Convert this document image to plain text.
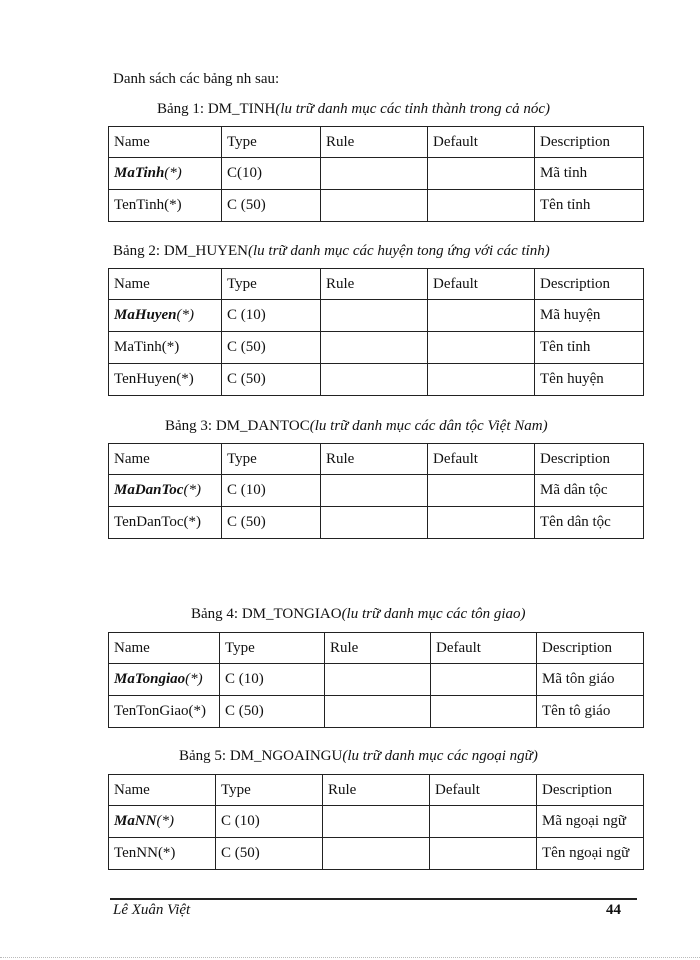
Danh sách các bảng nh sau:
Bảng 1: DM_TINH(lu trữ danh mục các tỉnh thành trong cả nóc)
Name	Type	Rule	Default	Description
MaTinh(*)	C(10)			Mã tỉnh
TenTinh(*)	C (50)			Tên tỉnh
Bảng 2: DM_HUYEN(lu trữ danh mục các huyện tong ứng với các tỉnh)
Name	Type	Rule	Default	Description
MaHuyen(*)	C (10)			Mã huyện
MaTinh(*)	C (50)			Tên tỉnh
TenHuyen(*)	C (50)			Tên huyện
Bảng 3: DM_DANTOC(lu trữ danh mục các dân tộc Việt Nam)
Name	Type	Rule	Default	Description
MaDanToc(*)	C (10)			Mã dân tộc
TenDanToc(*)	C (50)			Tên dân tộc
Bảng 4: DM_TONGIAO(lu trữ danh mục các tôn giao)
Name	Type	Rule	Default	Description
MaTongiao(*)	C (10)			Mã tôn giáo
TenTonGiao(*)	C (50)			Tên tô giáo
Bảng 5: DM_NGOAINGU(lu trữ danh mục các ngoại ngữ)
Name	Type	Rule	Default	Description
MaNN(*)	C (10)			Mã ngoại ngữ
TenNN(*)	C (50)			Tên ngoại ngữ
Lê Xuân Việt	44
